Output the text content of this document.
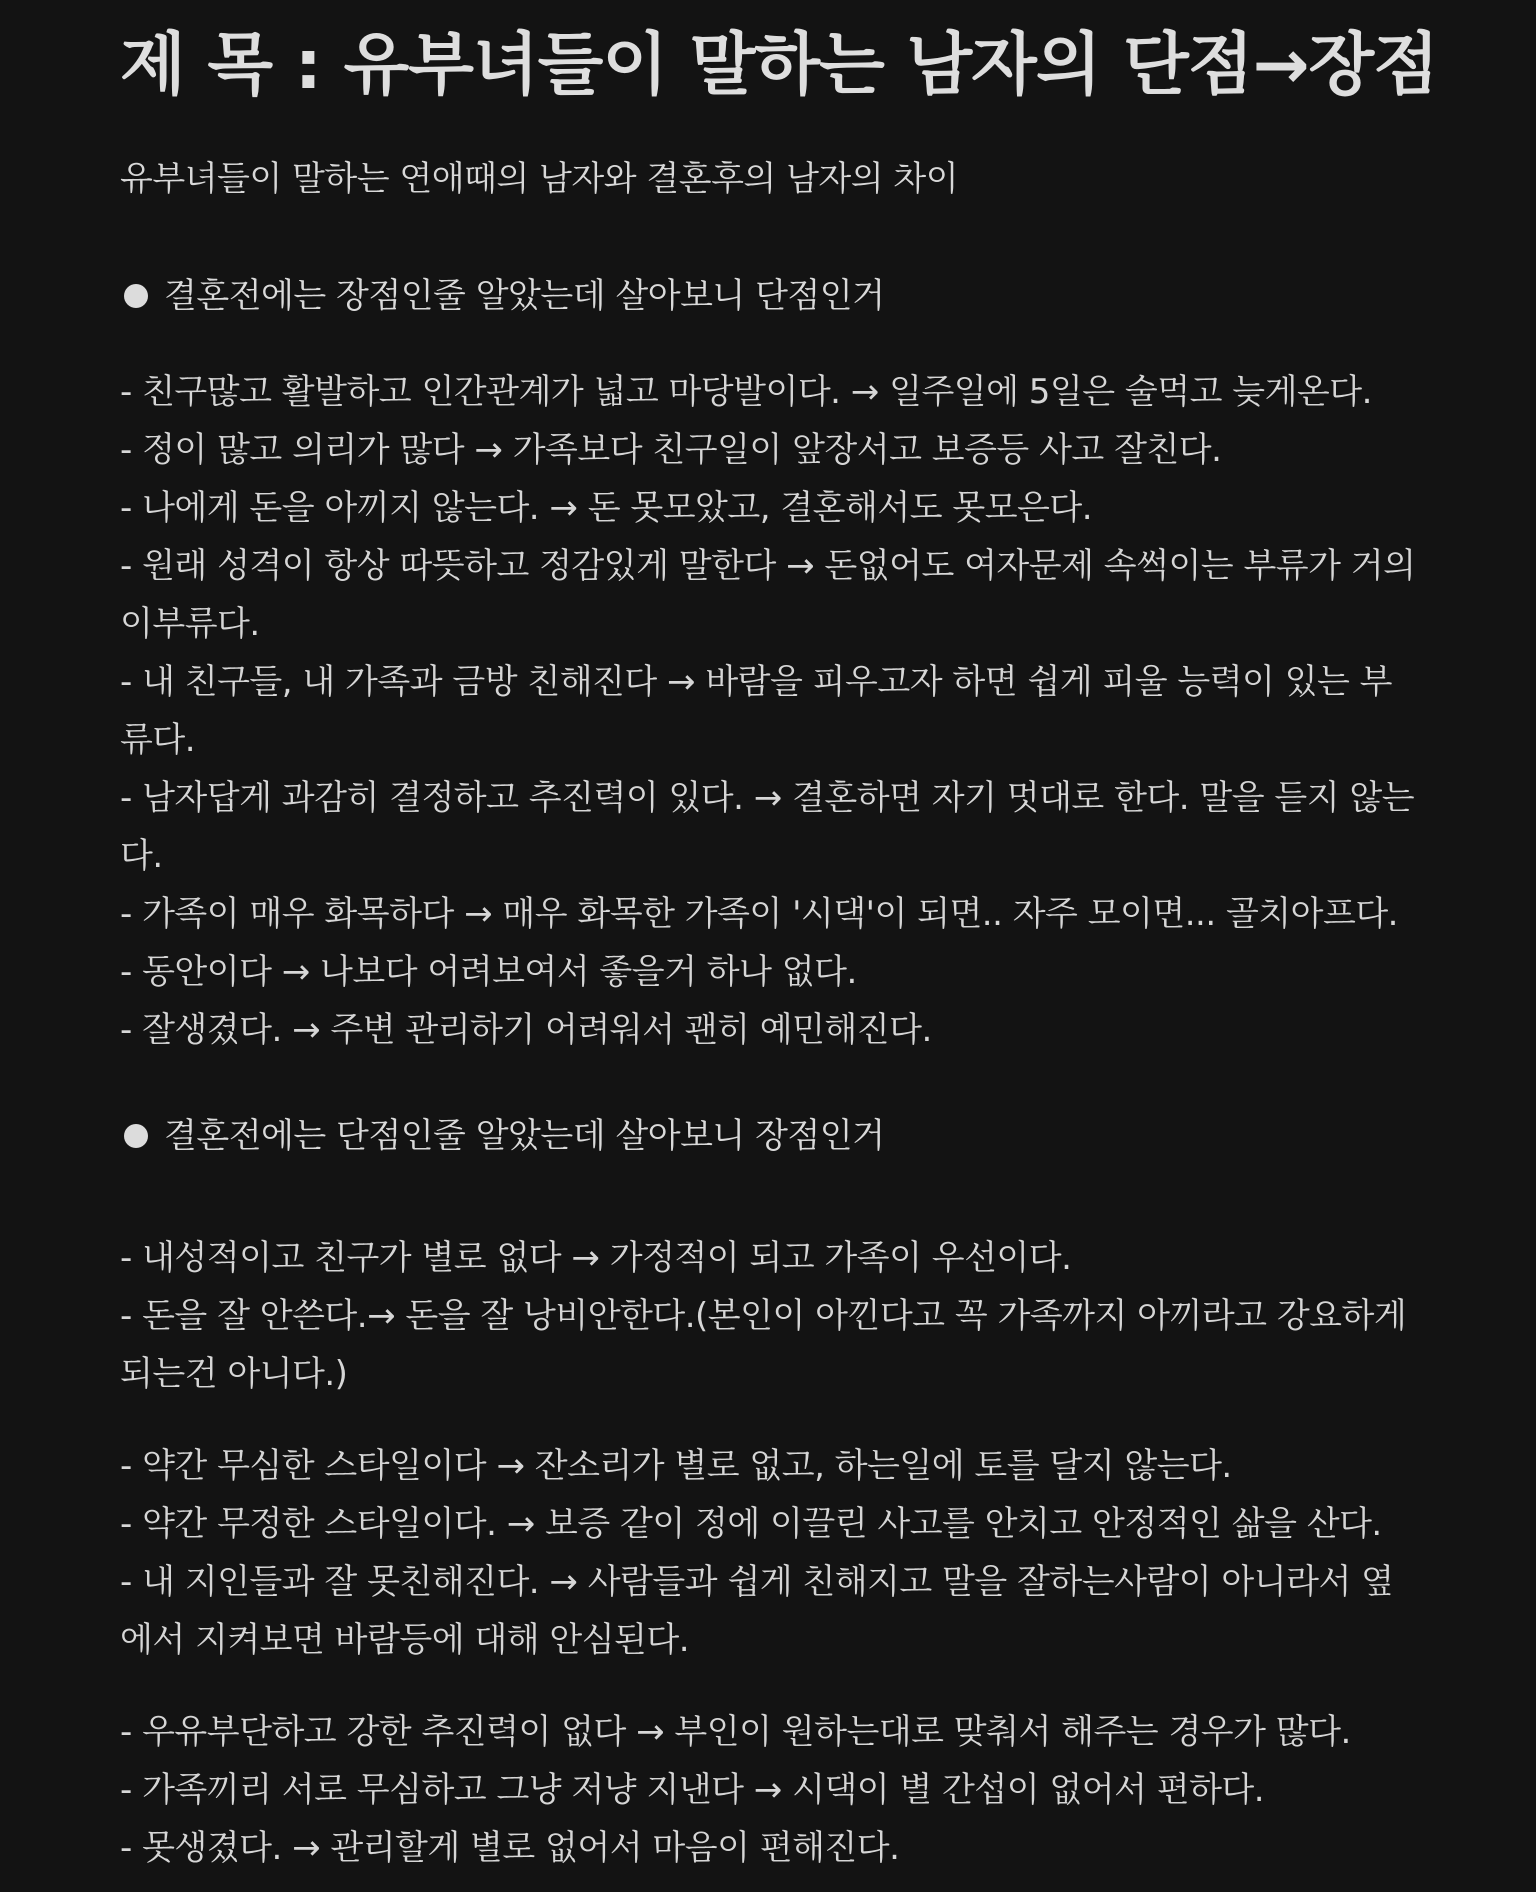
제 목 : 유부녀들이 말하는 남자의 단점→장점
유부녀들이 말하는 연애때의 남자와 결혼후의 남자의 차이
결혼전에는 장점인줄 알았는데 살아보니 단점인거
- 친구많고 활발하고 인간관계가 넓고 마당발이다. → 일주일에 5일은 술먹고 늦게온다.
- 정이 많고 의리가 많다 → 가족보다 친구일이 앞장서고 보증등 사고 잘친다.
- 나에게 돈을 아끼지 않는다. → 돈 못모았고, 결혼해서도 못모은다.
- 원래 성격이 항상 따뜻하고 정감있게 말한다 → 돈없어도 여자문제 속썩이는 부류가 거의 이부류다.
- 내 친구들, 내 가족과 금방 친해진다 → 바람을 피우고자 하면 쉽게 피울 능력이 있는 부류다.
- 남자답게 과감히 결정하고 추진력이 있다. → 결혼하면 자기 멋대로 한다. 말을 듣지 않는다.
- 가족이 매우 화목하다 → 매우 화목한 가족이 '시댁'이 되면.. 자주 모이면... 골치아프다.
- 동안이다 → 나보다 어려보여서 좋을거 하나 없다.
- 잘생겼다. → 주변 관리하기 어려워서 괜히 예민해진다.
결혼전에는 단점인줄 알았는데 살아보니 장점인거
- 내성적이고 친구가 별로 없다 → 가정적이 되고 가족이 우선이다.
- 돈을 잘 안쓴다.→ 돈을 잘 낭비안한다.(본인이 아낀다고 꼭 가족까지 아끼라고 강요하게 되는건 아니다.)
- 약간 무심한 스타일이다 → 잔소리가 별로 없고, 하는일에 토를 달지 않는다.
- 약간 무정한 스타일이다. → 보증 같이 정에 이끌린 사고를 안치고 안정적인 삶을 산다.
- 내 지인들과 잘 못친해진다. → 사람들과 쉽게 친해지고 말을 잘하는사람이 아니라서 옆에서 지켜보면 바람등에 대해 안심된다.
- 우유부단하고 강한 추진력이 없다 → 부인이 원하는대로 맞춰서 해주는 경우가 많다.
- 가족끼리 서로 무심하고 그냥 저냥 지낸다 → 시댁이 별 간섭이 없어서 편하다.
- 못생겼다. → 관리할게 별로 없어서 마음이 편해진다.
